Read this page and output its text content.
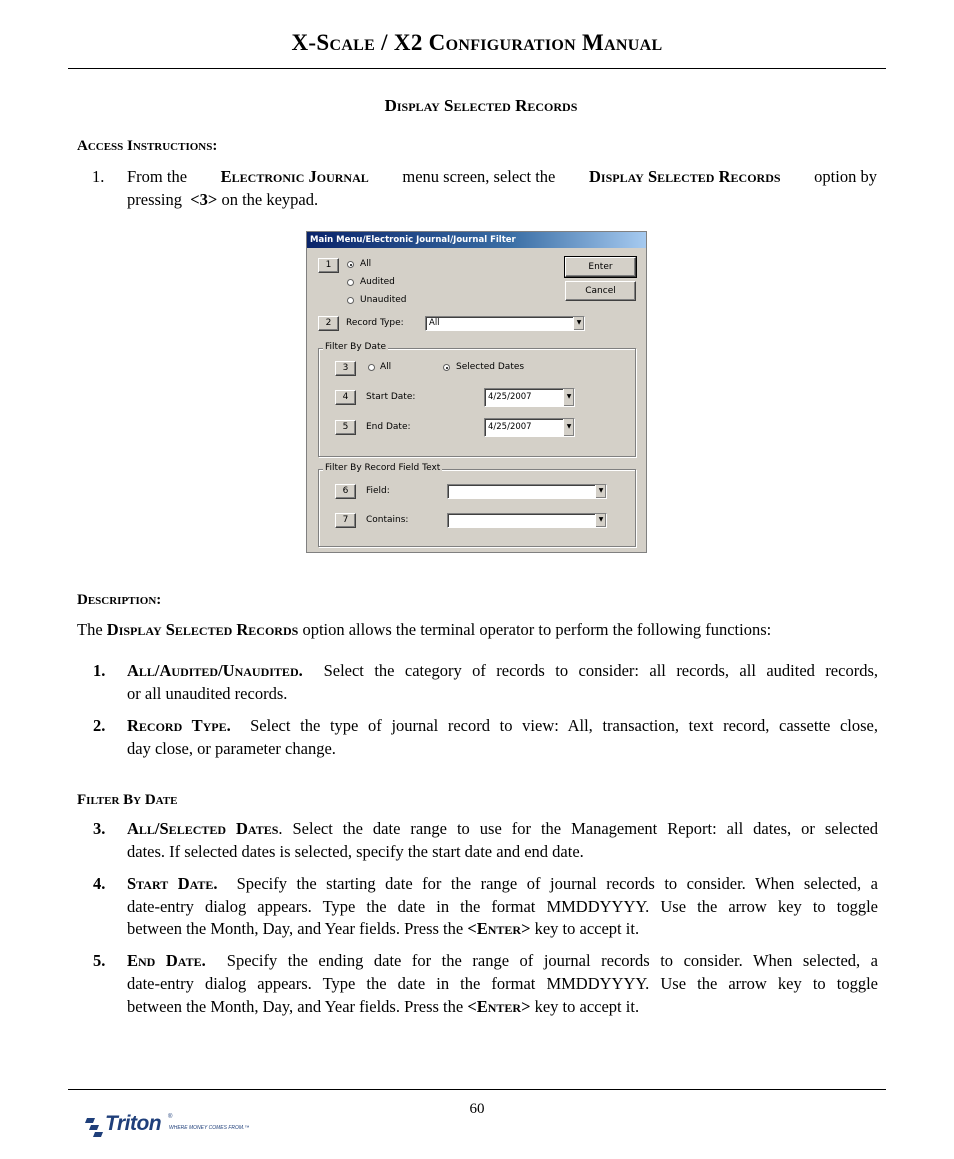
X-Scale / X2 Configuration Manual
Display Selected Records
Access Instructions:
1. From the Electronic Journal menu screen, select the Display Selected Records option by
pressing <3> on the keypad.
Main Menu/Electronic Journal/Journal Filter
Enter
Cancel
1	All
Audited
Unaudited
2	Record Type:	All	▼
Filter By Date
3	All	Selected Dates
4	Start Date:	4/25/2007	▼
5	End Date:	4/25/2007	▼
Filter By Record Field Text
6	Field:	▼
7	Contains:	▼
Description:
The Display Selected Records option allows the terminal operator to perform the following functions:
1. All/Audited/Unaudited. Select the category of records to consider: all records, all audited records,
or all unaudited records.
2. Record Type. Select the type of journal record to view: All, transaction, text record, cassette close,
day close, or parameter change.
Filter By Date
3. All/Selected Dates. Select the date range to use for the Management Report: all dates, or selected
dates. If selected dates is selected, specify the start date and end date.
4. Start Date. Specify the starting date for the range of journal records to consider. When selected, a
date-entry dialog appears. Type the date in the format MMDDYYYY. Use the arrow key to toggle
between the Month, Day, and Year fields. Press the <Enter> key to accept it.
5. End Date. Specify the ending date for the range of journal records to consider. When selected, a
date-entry dialog appears. Type the date in the format MMDDYYYY. Use the arrow key to toggle
between the Month, Day, and Year fields. Press the <Enter> key to accept it.
60
Triton ®
WHERE MONEY COMES FROM.™
